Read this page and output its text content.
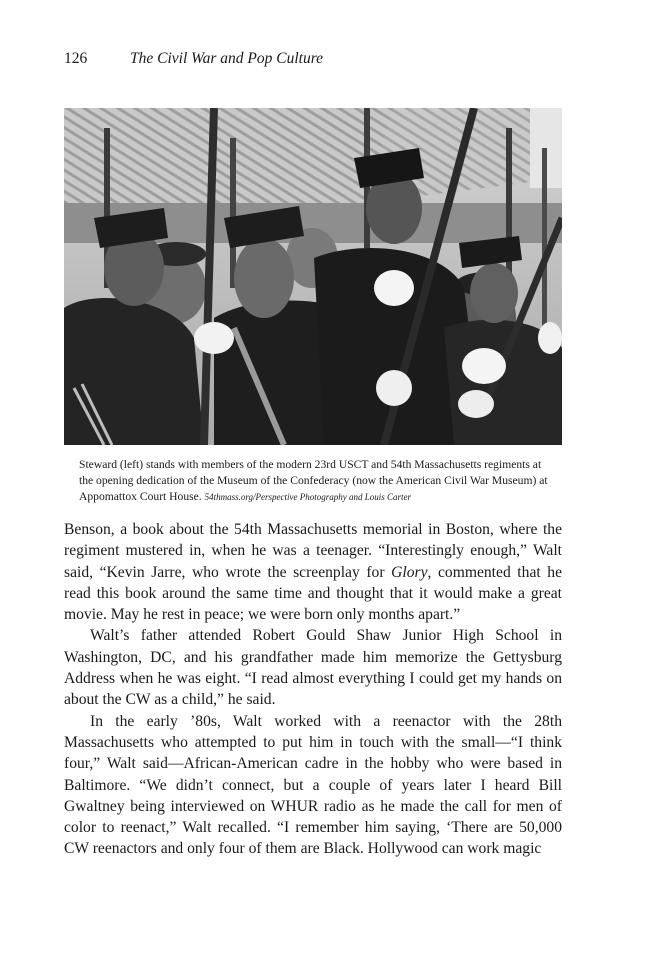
126	The Civil War and Pop Culture
Steward (left) stands with members of the modern 23rd USCT and 54th Massachusetts regiments at the opening dedication of the Museum of the Confederacy (now the American Civil War Museum) at Appomattox Court House. 54thmass.org/Perspective Photography and Louis Carter

Benson, a book about the 54th Massachusetts memorial in Boston, where the regiment mustered in, when he was a teenager. “Interestingly enough,” Walt said, “Kevin Jarre, who wrote the screenplay for Glory, commented that he read this book around the same time and thought that it would make a great movie. May he rest in peace; we were born only months apart.”

Walt’s father attended Robert Gould Shaw Junior High School in Washington, DC, and his grandfather made him memorize the Gettysburg Address when he was eight. “I read almost everything I could get my hands on about the CW as a child,” he said.

In the early ’80s, Walt worked with a reenactor with the 28th Massachusetts who attempted to put him in touch with the small—“I think four,” Walt said—African-American cadre in the hobby who were based in Baltimore. “We didn’t connect, but a couple of years later I heard Bill Gwaltney being interviewed on WHUR radio as he made the call for men of color to reenact,” Walt recalled. “I remember him saying, ‘There are 50,000 CW reenactors and only four of them are Black. Hollywood can work magic
